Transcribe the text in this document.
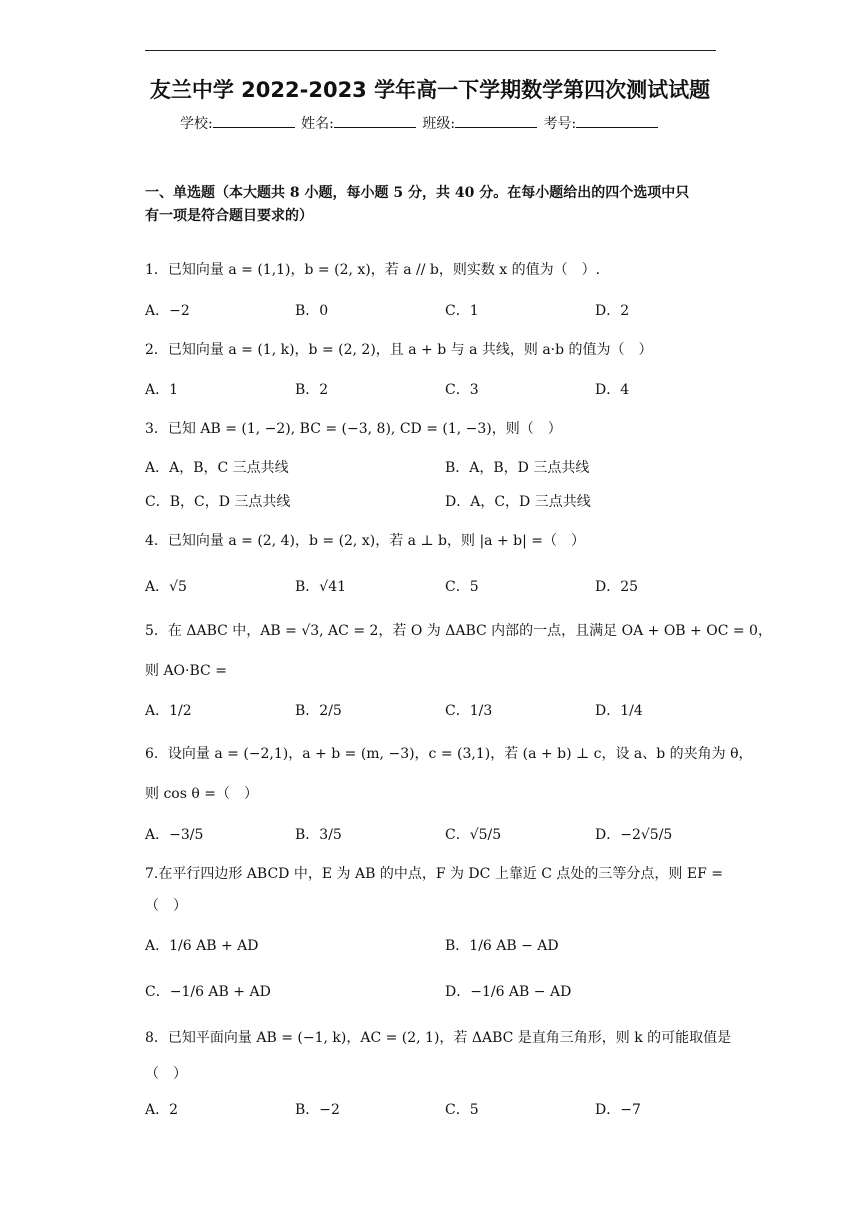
友兰中学 2022-2023 学年高一下学期数学第四次测试试题
学校:	姓名:	班级:	考号:
一、单选题（本大题共 8 小题，每小题 5 分，共 40 分。在每小题给出的四个选项中只
有一项是符合题目要求的）
1．已知向量 a = (1,1)，b = (2, x)，若 a // b，则实数 x 的值为（　）.
A．−2	B．0	C．1	D．2
2．已知向量 a = (1, k)，b = (2, 2)，且 a + b 与 a 共线，则 a·b 的值为（　）
A．1	B．2	C．3	D．4
3．已知 AB = (1, −2), BC = (−3, 8), CD = (1, −3)，则（　）
A．A，B，C 三点共线	B．A，B，D 三点共线
C．B，C，D 三点共线	D．A，C，D 三点共线
4．已知向量 a = (2, 4)，b = (2, x)，若 a ⊥ b，则 |a + b| =（　）
A．√5	B．√41	C．5	D．25
5．在 ΔABC 中，AB = √3, AC = 2，若 O 为 ΔABC 内部的一点，且满足 OA + OB + OC = 0，
则 AO·BC =
A．1/2	B．2/5	C．1/3	D．1/4
6．设向量 a = (−2,1)，a + b = (m, −3)，c = (3,1)，若 (a + b) ⊥ c，设 a、b 的夹角为 θ，
则 cos θ =（　）
A．−3/5	B．3/5	C．√5/5	D．−2√5/5
7.在平行四边形 ABCD 中，E 为 AB 的中点，F 为 DC 上靠近 C 点处的三等分点，则 EF =
（　）
A．1/6 AB + AD	B．1/6 AB − AD
C．−1/6 AB + AD	D．−1/6 AB − AD
8．已知平面向量 AB = (−1, k)，AC = (2, 1)，若 ΔABC 是直角三角形，则 k 的可能取值是
（　）
A．2	B．−2	C．5	D．−7
